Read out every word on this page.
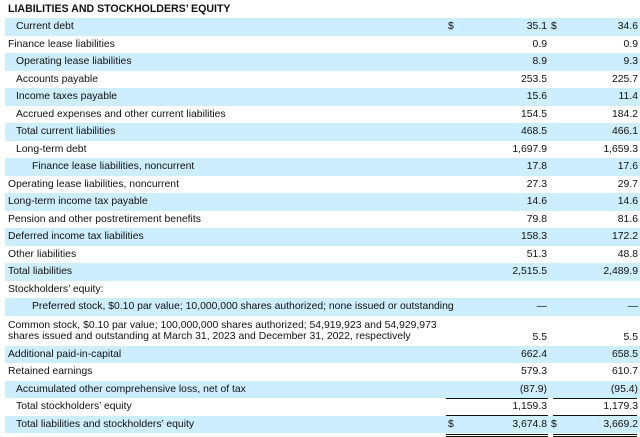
LIABILITIES AND STOCKHOLDERS’ EQUITY
Current debt	$	35.1 $	34.6
Finance lease liabilities	0.9	0.9
Operating lease liabilities	8.9	9.3
Accounts payable	253.5	225.7
Income taxes payable	15.6	11.4
Accrued expenses and other current liabilities	154.5	184.2
Total current liabilities	468.5	466.1
Long-term debt	1,697.9	1,659.3
Finance lease liabilities, noncurrent	17.8	17.6
Operating lease liabilities, noncurrent	27.3	29.7
Long-term income tax payable	14.6	14.6
Pension and other postretirement benefits	79.8	81.6
Deferred income tax liabilities	158.3	172.2
Other liabilities	51.3	48.8
Total liabilities	2,515.5	2,489.9
Stockholders’ equity:
Preferred stock, $0.10 par value; 10,000,000 shares authorized; none issued or outstanding	—	—
Common stock, $0.10 par value; 100,000,000 shares authorized; 54,919,923 and 54,929,973
shares issued and outstanding at March 31, 2023 and December 31, 2022, respectively	5.5	5.5
Additional paid-in-capital	662.4	658.5
Retained earnings	579.3	610.7
Accumulated other comprehensive loss, net of tax	(87.9)	(95.4)
Total stockholders’ equity	1,159.3	1,179.3
Total liabilities and stockholders’ equity	$	3,674.8 $	3,669.2
